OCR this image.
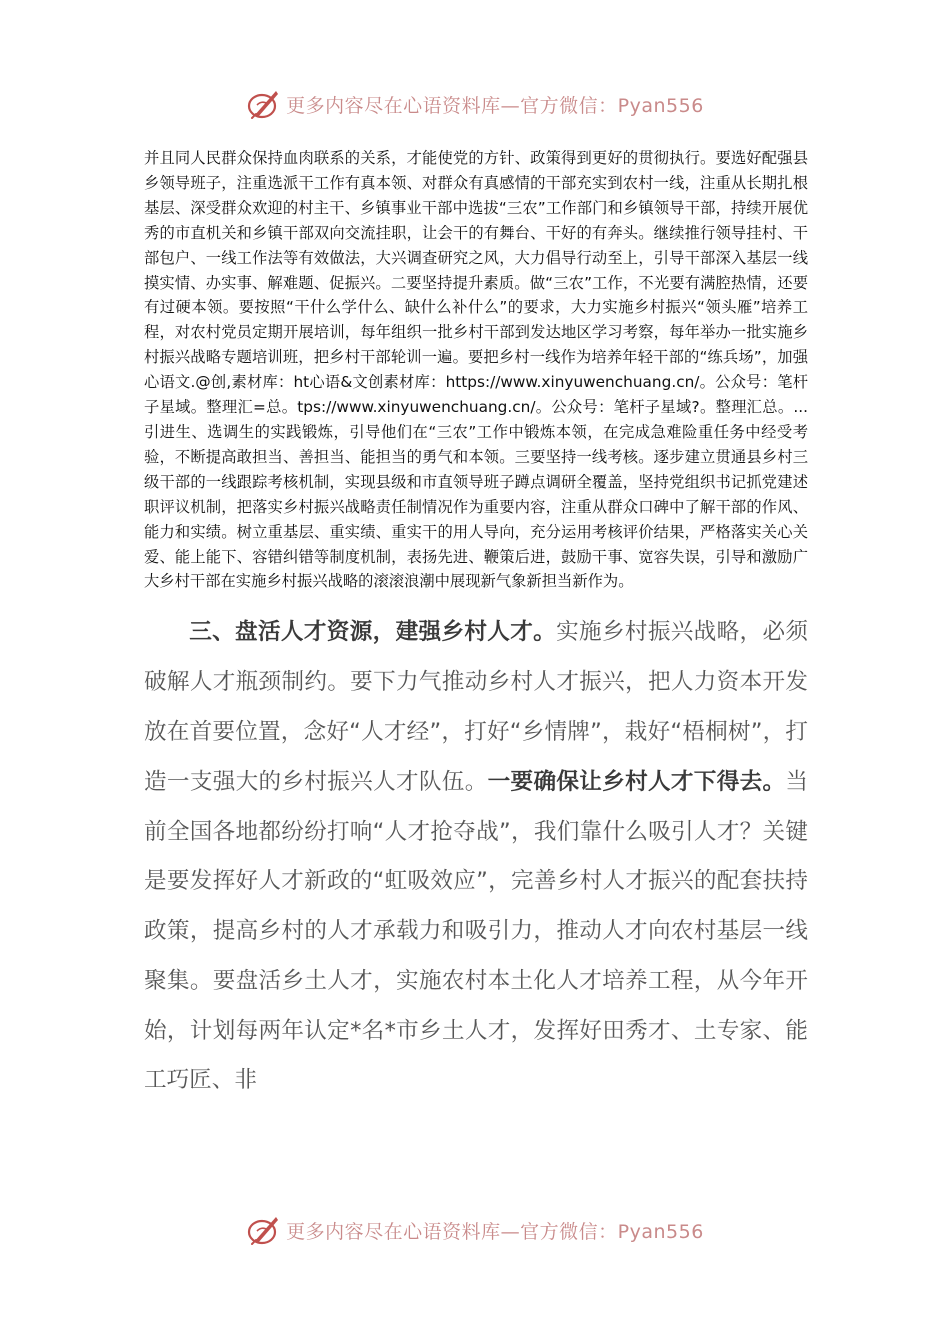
更多内容尽在心语资料库—官方微信：Pyan556

并且同人民群众保持血肉联系的关系，才能使党的方针、政策得到更好的贯彻执行。要选好配强县乡领导班子，注重选派干工作有真本领、对群众有真感情的干部充实到农村一线，注重从长期扎根基层、深受群众欢迎的村主干、乡镇事业干部中选拔“三农”工作部门和乡镇领导干部，持续开展优秀的市直机关和乡镇干部双向交流挂职，让会干的有舞台、干好的有奔头。继续推行领导挂村、干部包户、一线工作法等有效做法，大兴调查研究之风，大力倡导行动至上，引导干部深入基层一线摸实情、办实事、解难题、促振兴。二要坚持提升素质。做“三农”工作，不光要有满腔热情，还要有过硬本领。要按照“干什么学什么、缺什么补什么”的要求，大力实施乡村振兴“领头雁”培养工程，对农村党员定期开展培训，每年组织一批乡村干部到发达地区学习考察，每年举办一批实施乡村振兴战略专题培训班，把乡村干部轮训一遍。要把乡村一线作为培养年轻干部的“练兵场”，加强心语文.@创,素材库：ht心语&文创素材库：https://www.xinyuwenchuang.cn/。公众号：笔杆子星域。整理汇=总。tps://www.xinyuwenchuang.cn/。公众号：笔杆子星域?。整理汇总。...引进生、选调生的实践锻炼，引导他们在“三农”工作中锻炼本领，在完成急难险重任务中经受考验，不断提高敢担当、善担当、能担当的勇气和本领。三要坚持一线考核。逐步建立贯通县乡村三级干部的一线跟踪考核机制，实现县级和市直领导班子蹲点调研全覆盖，坚持党组织书记抓党建述职评议机制，把落实乡村振兴战略责任制情况作为重要内容，注重从群众口碑中了解干部的作风、能力和实绩。树立重基层、重实绩、重实干的用人导向，充分运用考核评价结果，严格落实关心关爱、能上能下、容错纠错等制度机制，表扬先进、鞭策后进，鼓励干事、宽容失误，引导和激励广大乡村干部在实施乡村振兴战略的滚滚浪潮中展现新气象新担当新作为。

三、盘活人才资源，建强乡村人才。实施乡村振兴战略，必须破解人才瓶颈制约。要下力气推动乡村人才振兴，把人力资本开发放在首要位置，念好“人才经”，打好“乡情牌”，栽好“梧桐树”，打造一支强大的乡村振兴人才队伍。一要确保让乡村人才下得去。当前全国各地都纷纷打响“人才抢夺战”，我们靠什么吸引人才？关键是要发挥好人才新政的“虹吸效应”，完善乡村人才振兴的配套扶持政策，提高乡村的人才承载力和吸引力，推动人才向农村基层一线聚集。要盘活乡土人才，实施农村本土化人才培养工程，从今年开始，计划每两年认定*名*市乡土人才，发挥好田秀才、土专家、能工巧匠、非

更多内容尽在心语资料库—官方微信：Pyan556
